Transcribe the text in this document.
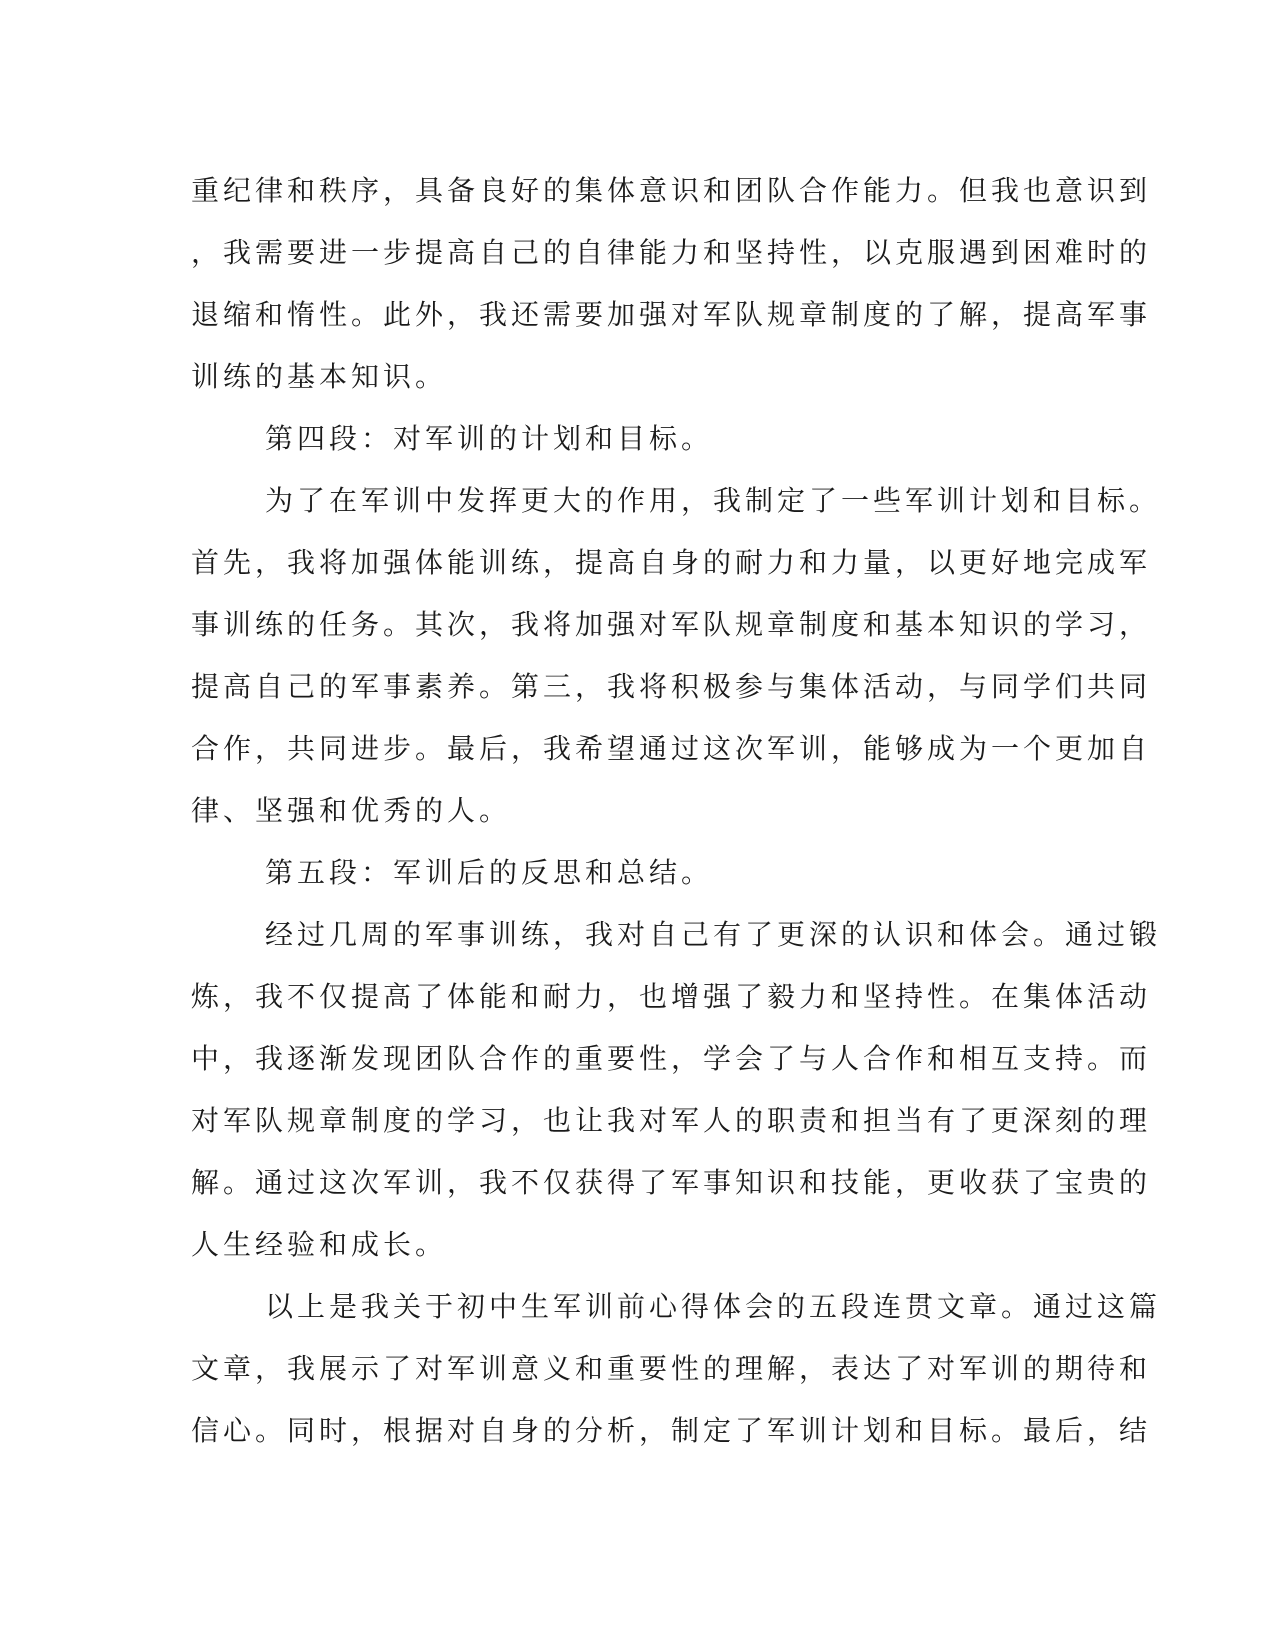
重纪律和秩序，具备良好的集体意识和团队合作能力。但我也意识到
，我需要进一步提高自己的自律能力和坚持性，以克服遇到困难时的
退缩和惰性。此外，我还需要加强对军队规章制度的了解，提高军事
训练的基本知识。
第四段：对军训的计划和目标。
为了在军训中发挥更大的作用，我制定了一些军训计划和目标。
首先，我将加强体能训练，提高自身的耐力和力量，以更好地完成军
事训练的任务。其次，我将加强对军队规章制度和基本知识的学习，
提高自己的军事素养。第三，我将积极参与集体活动，与同学们共同
合作，共同进步。最后，我希望通过这次军训，能够成为一个更加自
律、坚强和优秀的人。
第五段：军训后的反思和总结。
经过几周的军事训练，我对自己有了更深的认识和体会。通过锻
炼，我不仅提高了体能和耐力，也增强了毅力和坚持性。在集体活动
中，我逐渐发现团队合作的重要性，学会了与人合作和相互支持。而
对军队规章制度的学习，也让我对军人的职责和担当有了更深刻的理
解。通过这次军训，我不仅获得了军事知识和技能，更收获了宝贵的
人生经验和成长。
以上是我关于初中生军训前心得体会的五段连贯文章。通过这篇
文章，我展示了对军训意义和重要性的理解，表达了对军训的期待和
信心。同时，根据对自身的分析，制定了军训计划和目标。最后，结
